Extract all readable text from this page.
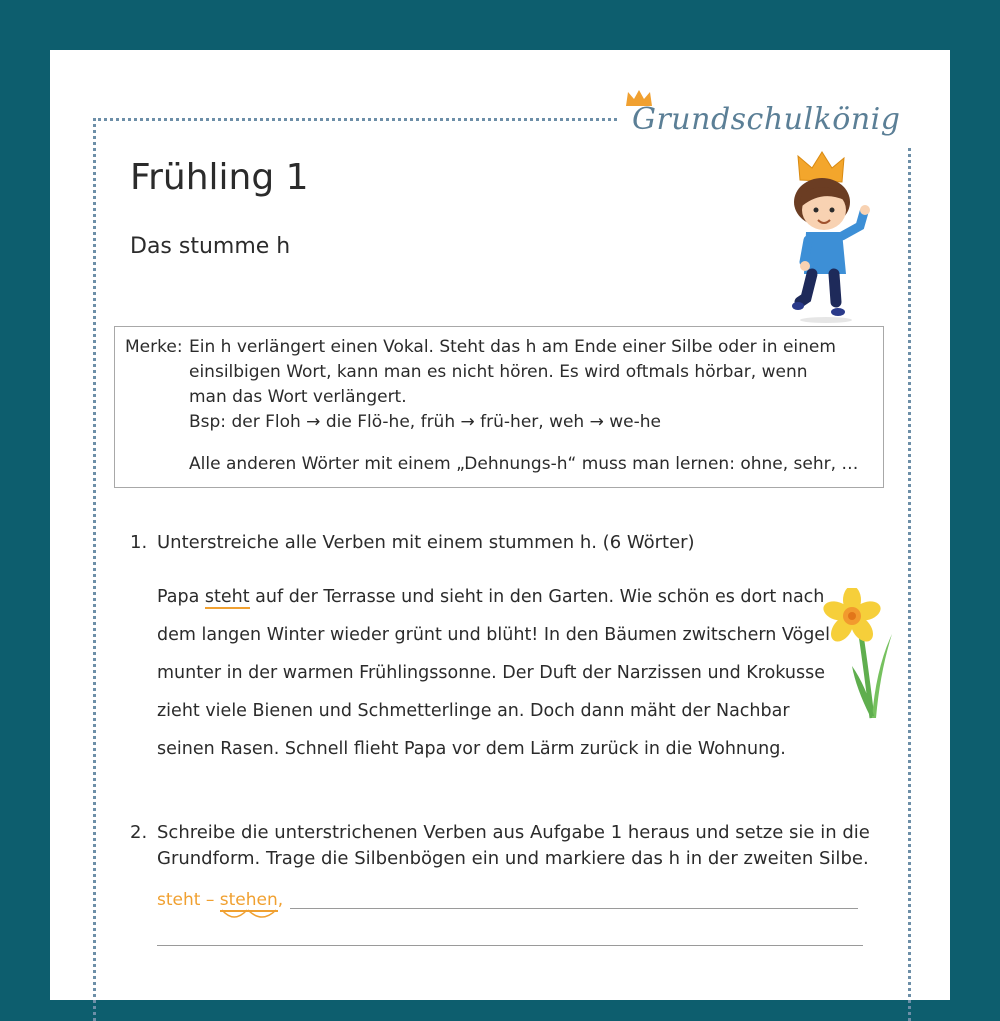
Grundschulkönig
Frühling 1
Das stumme h
Merke: Ein h verlängert einen Vokal. Steht das h am Ende einer Silbe oder in einem
einsilbigen Wort, kann man es nicht hören. Es wird oftmals hörbar, wenn
man das Wort verlängert.
Bsp: der Floh → die Flö-he, früh → frü-her, weh → we-he
Alle anderen Wörter mit einem „Dehnungs-h“ muss man lernen: ohne, sehr, …
1. Unterstreiche alle Verben mit einem stummen h. (6 Wörter)
Papa steht auf der Terrasse und sieht in den Garten. Wie schön es dort nach
dem langen Winter wieder grünt und blüht! In den Bäumen zwitschern Vögel
munter in der warmen Frühlingssonne. Der Duft der Narzissen und Krokusse
zieht viele Bienen und Schmetterlinge an. Doch dann mäht der Nachbar
seinen Rasen. Schnell flieht Papa vor dem Lärm zurück in die Wohnung.
2. Schreibe die unterstrichenen Verben aus Aufgabe 1 heraus und setze sie in die
Grundform. Trage die Silbenbögen ein und markiere das h in der zweiten Silbe.
steht – stehen
,
